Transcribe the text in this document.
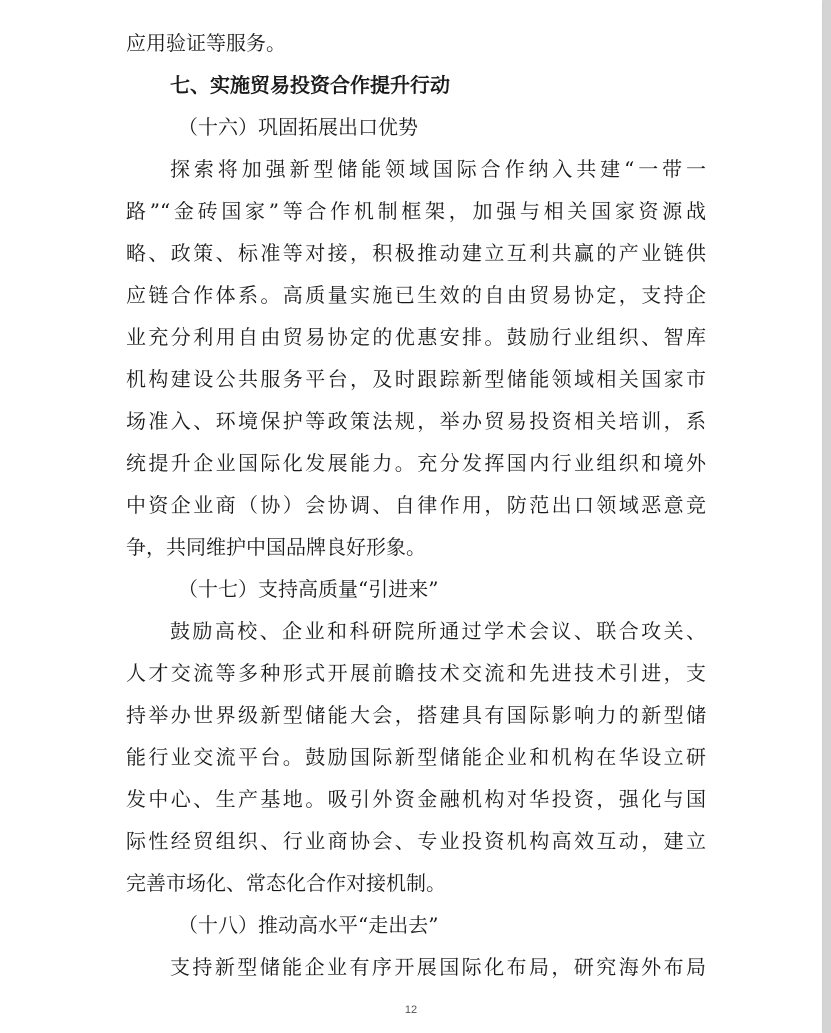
应用验证等服务。
七、实施贸易投资合作提升行动
（十六）巩固拓展出口优势
探索将加强新型储能领域国际合作纳入共建“一带一
路”“金砖国家”等合作机制框架，加强与相关国家资源战
略、政策、标准等对接，积极推动建立互利共赢的产业链供
应链合作体系。高质量实施已生效的自由贸易协定，支持企
业充分利用自由贸易协定的优惠安排。鼓励行业组织、智库
机构建设公共服务平台，及时跟踪新型储能领域相关国家市
场准入、环境保护等政策法规，举办贸易投资相关培训，系
统提升企业国际化发展能力。充分发挥国内行业组织和境外
中资企业商（协）会协调、自律作用，防范出口领域恶意竞
争，共同维护中国品牌良好形象。
（十七）支持高质量“引进来”
鼓励高校、企业和科研院所通过学术会议、联合攻关、
人才交流等多种形式开展前瞻技术交流和先进技术引进，支
持举办世界级新型储能大会，搭建具有国际影响力的新型储
能行业交流平台。鼓励国际新型储能企业和机构在华设立研
发中心、生产基地。吸引外资金融机构对华投资，强化与国
际性经贸组织、行业商协会、专业投资机构高效互动，建立
完善市场化、常态化合作对接机制。
（十八）推动高水平“走出去”
支持新型储能企业有序开展国际化布局，研究海外布局
12
